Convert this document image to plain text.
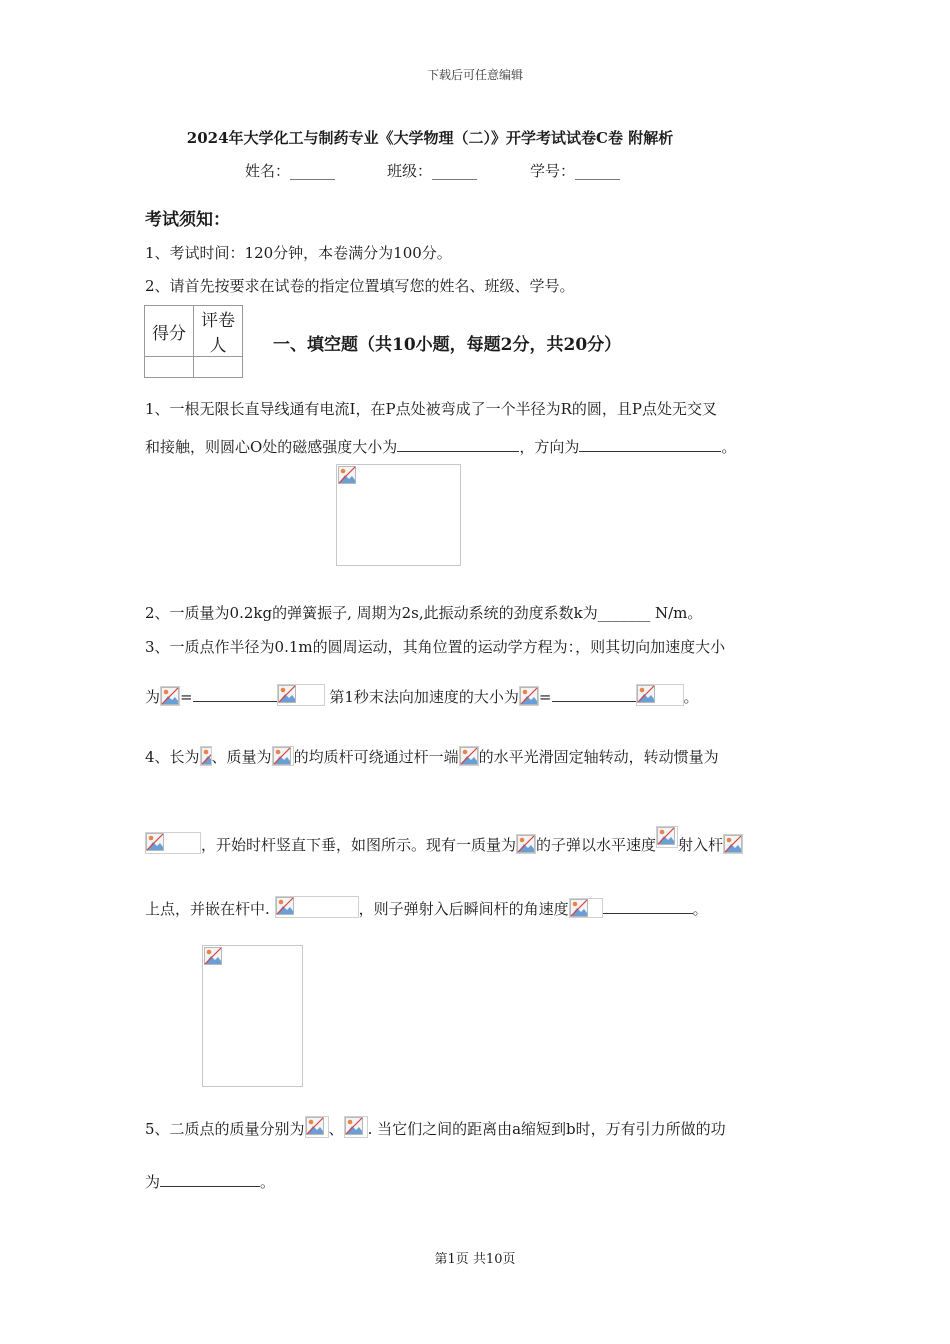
下载后可任意编辑
2024年大学化工与制药专业《大学物理（二）》开学考试试卷C卷 附解析
姓名：______	班级：______	学号：______
考试须知：
1、考试时间：120分钟，本卷满分为100分。
2、请首先按要求在试卷的指定位置填写您的姓名、班级、学号。
得分	评卷人
		一、填空题（共10小题，每题2分，共20分）
1、一根无限长直导线通有电流I，在P点处被弯成了一个半径为R的圆，且P点处无交叉
和接触，则圆心O处的磁感强度大小为	，方向为	。
2、一质量为0.2kg的弹簧振子, 周期为2s,此振动系统的劲度系数k为_______ N/m。
3、一质点作半径为0.1m的圆周运动，其角位置的运动学方程为：，则其切向加速度大小
为 =	第1秒末法向加速度的大小为 =	。
4、长为 、质量为 的均质杆可绕通过杆一端 的水平光滑固定轴转动，转动惯量为
，开始时杆竖直下垂，如图所示。现有一质量为 的子弹以水平速度 射入杆
上点，并嵌在杆中.	，则子弹射入后瞬间杆的角速度	。
5、二质点的质量分别为 、 . 当它们之间的距离由a缩短到b时，万有引力所做的功
为	。
第1页 共10页
